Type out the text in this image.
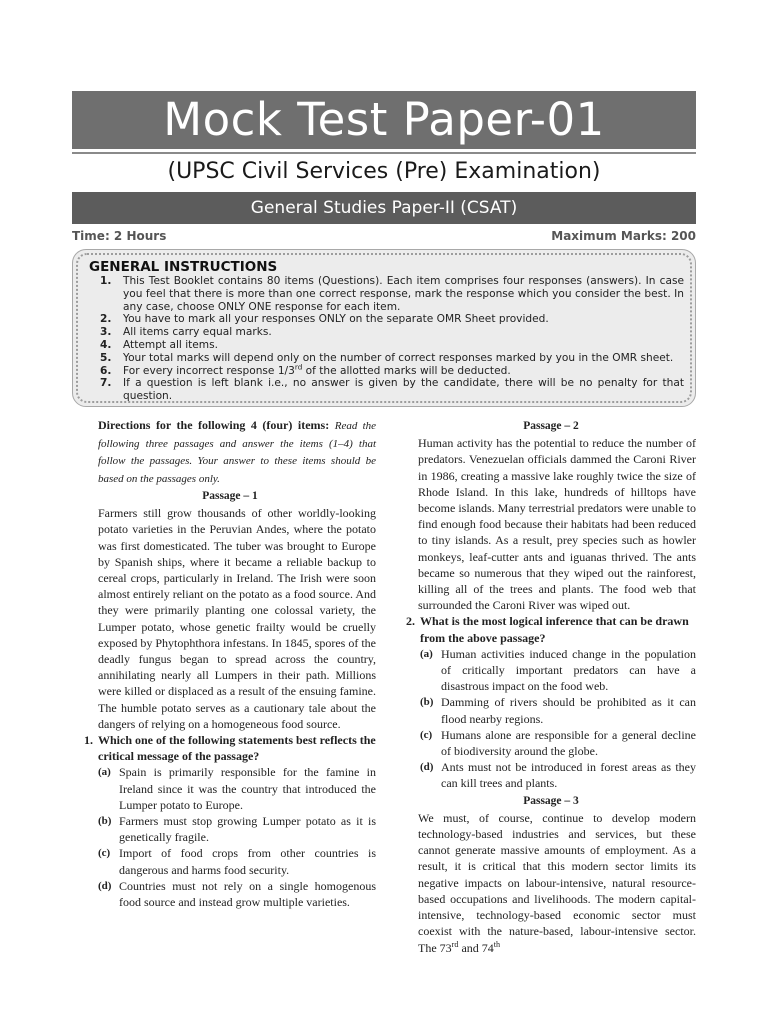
Mock Test Paper-01
(UPSC Civil Services (Pre) Examination)
General Studies Paper-II (CSAT)
Time: 2 Hours	Maximum Marks: 200
GENERAL INSTRUCTIONS
1. This Test Booklet contains 80 items (Questions). Each item comprises four responses (answers). In case you feel that there is more than one correct response, mark the response which you consider the best. In any case, choose ONLY ONE response for each item.
2. You have to mark all your responses ONLY on the separate OMR Sheet provided.
3. All items carry equal marks.
4. Attempt all items.
5. Your total marks will depend only on the number of correct responses marked by you in the OMR sheet.
6. For every incorrect response 1/3rd of the allotted marks will be deducted.
7. If a question is left blank i.e., no answer is given by the candidate, there will be no penalty for that question.

Directions for the following 4 (four) items: Read the following three passages and answer the items (1–4) that follow the passages. Your answer to these items should be based on the passages only.

Passage – 1

Farmers still grow thousands of other worldly-looking potato varieties in the Peruvian Andes, where the potato was first domesticated. The tuber was brought to Europe by Spanish ships, where it became a reliable backup to cereal crops, particularly in Ireland. The Irish were soon almost entirely reliant on the potato as a food source. And they were primarily planting one colossal variety, the Lumper potato, whose genetic frailty would be cruelly exposed by Phytophthora infestans. In 1845, spores of the deadly fungus began to spread across the country, annihilating nearly all Lumpers in their path. Millions were killed or displaced as a result of the ensuing famine. The humble potato serves as a cautionary tale about the dangers of relying on a homogeneous food source.

1. Which one of the following statements best reflects the critical message of the passage?
(a) Spain is primarily responsible for the famine in Ireland since it was the country that introduced the Lumper potato to Europe.
(b) Farmers must stop growing Lumper potato as it is genetically fragile.
(c) Import of food crops from other countries is dangerous and harms food security.
(d) Countries must not rely on a single homogenous food source and instead grow multiple varieties.
Passage – 2

Human activity has the potential to reduce the number of predators. Venezuelan officials dammed the Caroni River in 1986, creating a massive lake roughly twice the size of Rhode Island. In this lake, hundreds of hilltops have become islands. Many terrestrial predators were unable to find enough food because their habitats had been reduced to tiny islands. As a result, prey species such as howler monkeys, leaf-cutter ants and iguanas thrived. The ants became so numerous that they wiped out the rainforest, killing all of the trees and plants. The food web that surrounded the Caroni River was wiped out.

2. What is the most logical inference that can be drawn from the above passage?
(a) Human activities induced change in the population of critically important predators can have a disastrous impact on the food web.
(b) Damming of rivers should be prohibited as it can flood nearby regions.
(c) Humans alone are responsible for a general decline of biodiversity around the globe.
(d) Ants must not be introduced in forest areas as they can kill trees and plants.
Passage – 3

We must, of course, continue to develop modern technology-based industries and services, but these cannot generate massive amounts of employment. As a result, it is critical that this modern sector limits its negative impacts on labour-intensive, natural resource-based occupations and livelihoods. The modern capital-intensive, technology-based economic sector must coexist with the nature-based, labour-intensive sector. The 73rd and 74th
